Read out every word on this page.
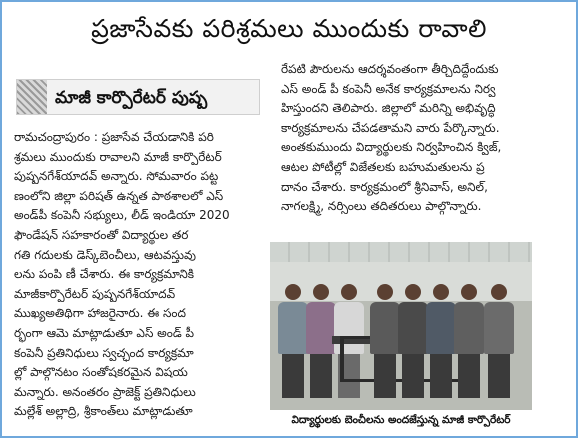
ప్రజాసేవకు పరిశ్రమలు ముందుకు రావాలి
మాజీ కార్పొరేటర్ పుష్ప
రామచంద్రాపురం : ప్రజాసేవ చేయడానికి పరి
శ్రమలు ముందుకు రావాలని మాజీ కార్పొరేటర్
పుష్పనగేశ్‌యాదవ్ అన్నారు. సోమవారం పట్ట
ణంలోని జిల్లా పరిషత్ ఉన్నత పాఠశాలలో ఎస్
అండ్‌పీ కంపెనీ సభ్యులు, లీడ్ ఇండియా 2020
ఫౌండేషన్ సహకారంతో విద్యార్థుల తర
గతి గదులకు డెస్క్‌బెంచీలు, ఆటవస్తువు
లను పంపి ణీ చేశారు. ఈ కార్యక్రమానికి
మాజీకార్పొరేటర్ పుష్పనగేశ్‌యాదవ్
ముఖ్యఅతిథిగా హాజరైనారు. ఈ సంద
ర్భంగా ఆమె మాట్లాడుతూ ఎస్ అండ్ పీ
కంపెనీ ప్రతినిధులు స్వచ్ఛంద కార్యక్రమా
ల్లో పాల్గొనటం సంతోషకరమైన విషయ
మన్నారు. అనంతరం ప్రాజెక్ట్ ప్రతినిధులు
మల్లేశ్ అల్లాద్రి, శ్రీకాంత్‌లు మాట్లాడుతూ
రేపటి పౌరులను ఆదర్శవంతంగా తీర్చిదిద్దేందుకు
ఎస్ అండ్ పీ కంపెనీ అనేక కార్యక్రమాలను నిర్వ
హిస్తుందని తెలిపారు. జిల్లాలో మరిన్ని అభివృద్ధి
కార్యక్రమాలను చేపడతామని వారు పేర్కొన్నారు.
అంతకుముందు విద్యార్థులకు నిర్వహించిన క్విజ్,
ఆటల పోటీల్లో విజేతలకు బహుమతులను ప్ర
దానం చేశారు. కార్యక్రమంలో శ్రీనివాస్, అనిల్,
నాగలక్ష్మి, నర్సింలు తదితరులు పాల్గొన్నారు.
విద్యార్థులకు బెంచీలను అందజేస్తున్న మాజీ కార్పొరేటర్
